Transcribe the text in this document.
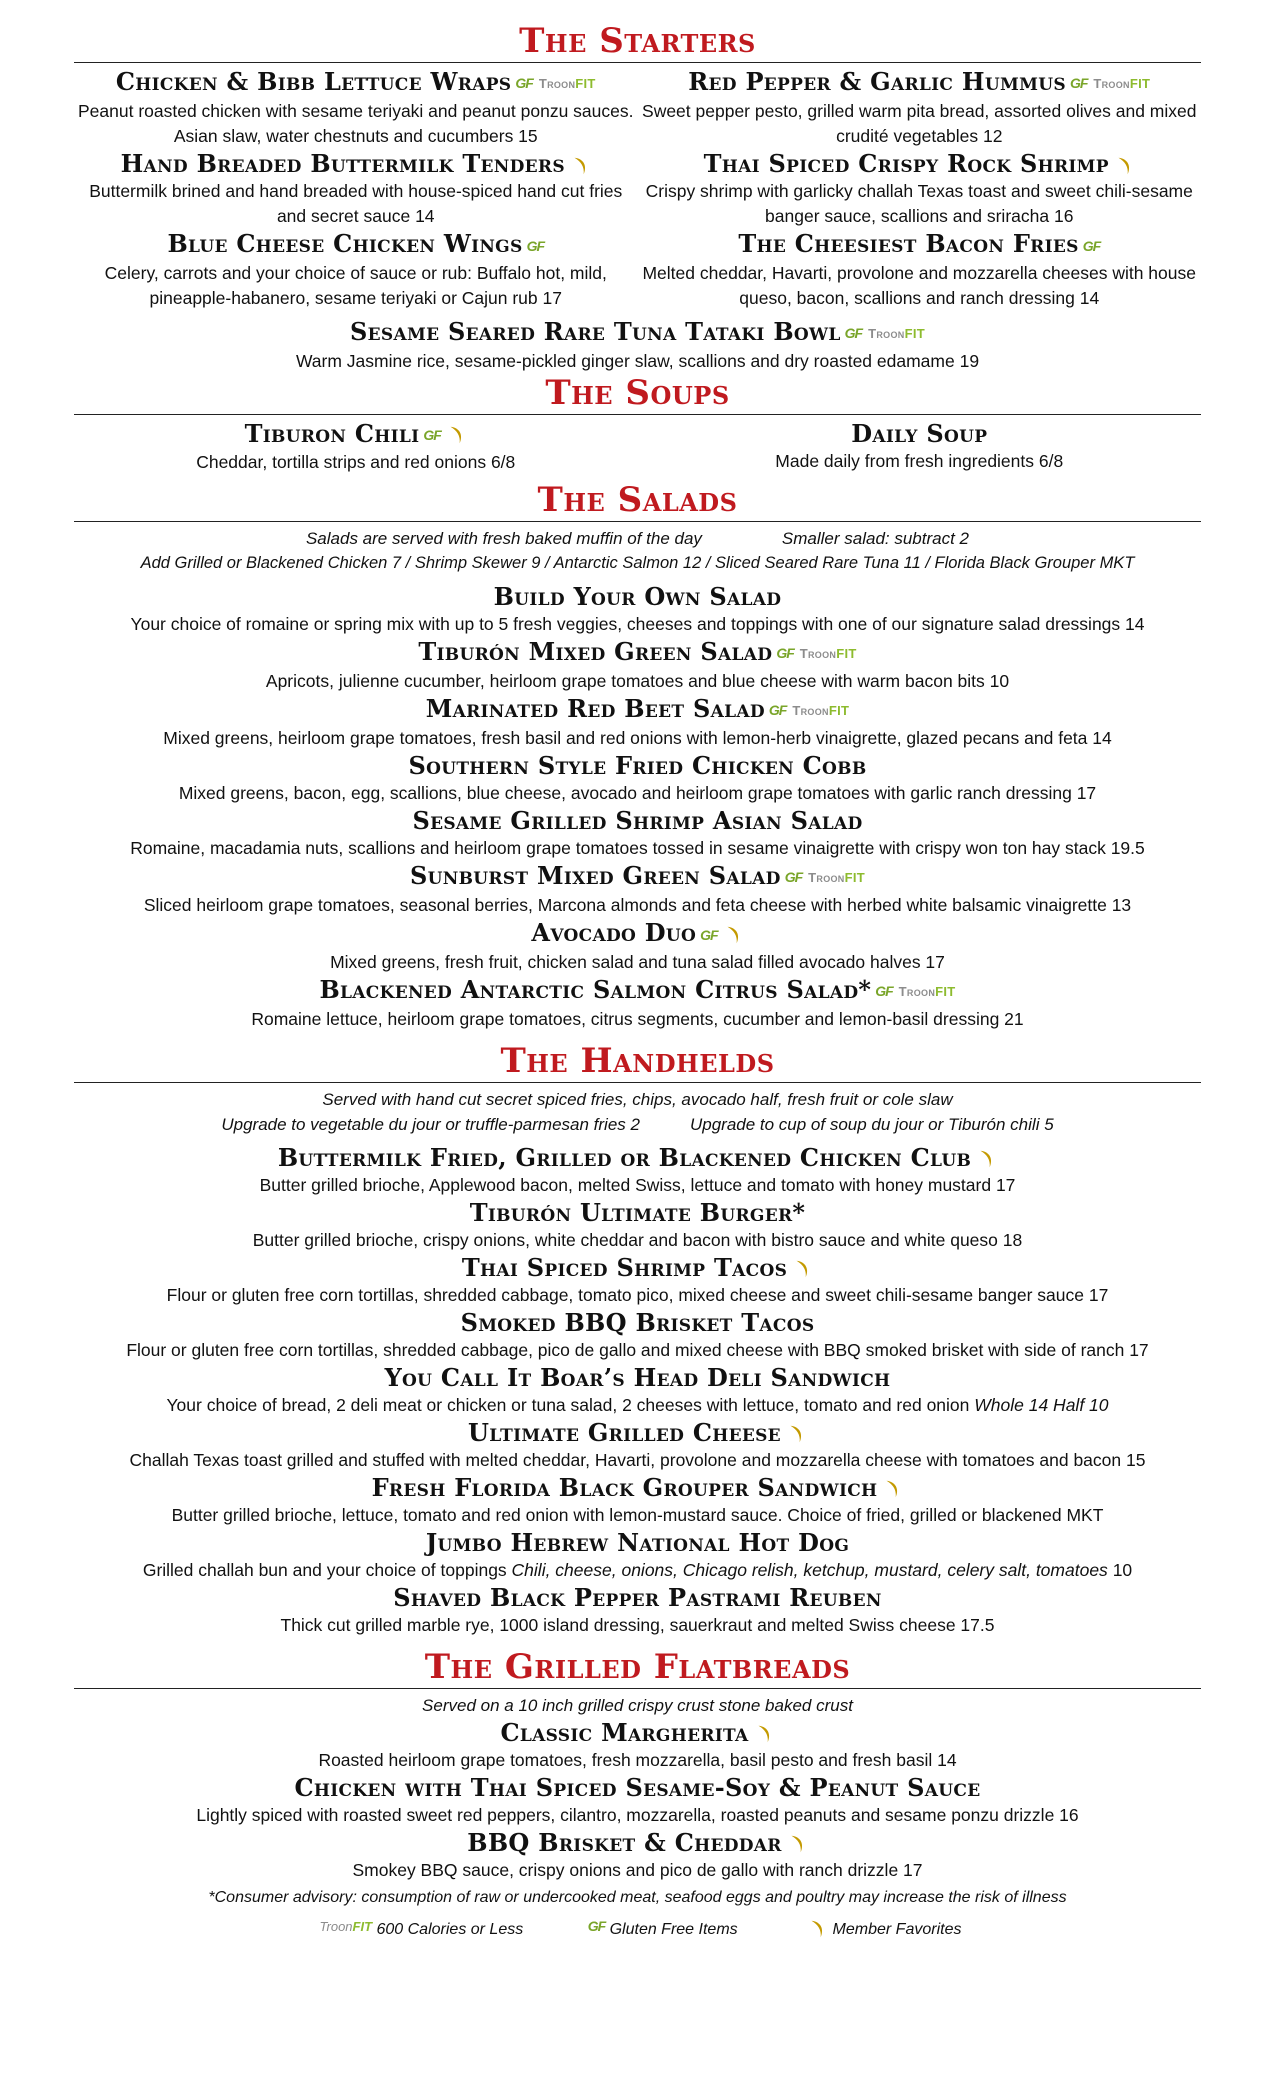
The Starters
Chicken & Bibb Lettuce Wraps GF TroonFIT
Peanut roasted chicken with sesame teriyaki and peanut ponzu sauces. Asian slaw, water chestnuts and cucumbers 15
Hand Breaded Buttermilk Tenders
Buttermilk brined and hand breaded with house-spiced hand cut fries and secret sauce 14
Blue Cheese Chicken Wings GF
Celery, carrots and your choice of sauce or rub: Buffalo hot, mild, pineapple-habanero, sesame teriyaki or Cajun rub 17
Red Pepper & Garlic Hummus GF TroonFIT
Sweet pepper pesto, grilled warm pita bread, assorted olives and mixed crudité vegetables 12
Thai Spiced Crispy Rock Shrimp
Crispy shrimp with garlicky challah Texas toast and sweet chili-sesame banger sauce, scallions and sriracha 16
The Cheesiest Bacon Fries GF
Melted cheddar, Havarti, provolone and mozzarella cheeses with house queso, bacon, scallions and ranch dressing 14
Sesame Seared Rare Tuna Tataki Bowl GF TroonFIT
Warm Jasmine rice, sesame-pickled ginger slaw, scallions and dry roasted edamame 19
The Soups
Tiburon Chili GF
Cheddar, tortilla strips and red onions 6/8
Daily Soup
Made daily from fresh ingredients 6/8
The Salads
Salads are served with fresh baked muffin of the day	Smaller salad: subtract 2
Add Grilled or Blackened Chicken 7 / Shrimp Skewer 9 / Antarctic Salmon 12 / Sliced Seared Rare Tuna 11 / Florida Black Grouper MKT
Build Your Own Salad
Your choice of romaine or spring mix with up to 5 fresh veggies, cheeses and toppings with one of our signature salad dressings 14
Tiburón Mixed Green Salad GF TroonFIT
Apricots, julienne cucumber, heirloom grape tomatoes and blue cheese with warm bacon bits 10
Marinated Red Beet Salad GF TroonFIT
Mixed greens, heirloom grape tomatoes, fresh basil and red onions with lemon-herb vinaigrette, glazed pecans and feta 14
Southern Style Fried Chicken Cobb
Mixed greens, bacon, egg, scallions, blue cheese, avocado and heirloom grape tomatoes with garlic ranch dressing 17
Sesame Grilled Shrimp Asian Salad
Romaine, macadamia nuts, scallions and heirloom grape tomatoes tossed in sesame vinaigrette with crispy won ton hay stack 19.5
Sunburst Mixed Green Salad GF TroonFIT
Sliced heirloom grape tomatoes, seasonal berries, Marcona almonds and feta cheese with herbed white balsamic vinaigrette 13
Avocado Duo GF
Mixed greens, fresh fruit, chicken salad and tuna salad filled avocado halves 17
Blackened Antarctic Salmon Citrus Salad* GF TroonFIT
Romaine lettuce, heirloom grape tomatoes, citrus segments, cucumber and lemon-basil dressing 21
The Handhelds
Served with hand cut secret spiced fries, chips, avocado half, fresh fruit or cole slaw
Upgrade to vegetable du jour or truffle-parmesan fries 2	Upgrade to cup of soup du jour or Tiburón chili 5
Buttermilk Fried, Grilled or Blackened Chicken Club
Butter grilled brioche, Applewood bacon, melted Swiss, lettuce and tomato with honey mustard 17
Tiburón Ultimate Burger*
Butter grilled brioche, crispy onions, white cheddar and bacon with bistro sauce and white queso 18
Thai Spiced Shrimp Tacos
Flour or gluten free corn tortillas, shredded cabbage, tomato pico, mixed cheese and sweet chili-sesame banger sauce 17
Smoked BBQ Brisket Tacos
Flour or gluten free corn tortillas, shredded cabbage, pico de gallo and mixed cheese with BBQ smoked brisket with side of ranch 17
You Call It Boar’s Head Deli Sandwich
Your choice of bread, 2 deli meat or chicken or tuna salad, 2 cheeses with lettuce, tomato and red onion Whole 14 Half 10
Ultimate Grilled Cheese
Challah Texas toast grilled and stuffed with melted cheddar, Havarti, provolone and mozzarella cheese with tomatoes and bacon 15
Fresh Florida Black Grouper Sandwich
Butter grilled brioche, lettuce, tomato and red onion with lemon-mustard sauce. Choice of fried, grilled or blackened MKT
Jumbo Hebrew National Hot Dog
Grilled challah bun and your choice of toppings Chili, cheese, onions, Chicago relish, ketchup, mustard, celery salt, tomatoes 10
Shaved Black Pepper Pastrami Reuben
Thick cut grilled marble rye, 1000 island dressing, sauerkraut and melted Swiss cheese 17.5
The Grilled Flatbreads
Served on a 10 inch grilled crispy crust stone baked crust
Classic Margherita
Roasted heirloom grape tomatoes, fresh mozzarella, basil pesto and fresh basil 14
Chicken with Thai Spiced Sesame-Soy & Peanut Sauce
Lightly spiced with roasted sweet red peppers, cilantro, mozzarella, roasted peanuts and sesame ponzu drizzle 16
BBQ Brisket & Cheddar
Smokey BBQ sauce, crispy onions and pico de gallo with ranch drizzle 17
*Consumer advisory: consumption of raw or undercooked meat, seafood eggs and poultry may increase the risk of illness
TroonFIT 600 Calories or Less	GF Gluten Free Items	Member Favorites
